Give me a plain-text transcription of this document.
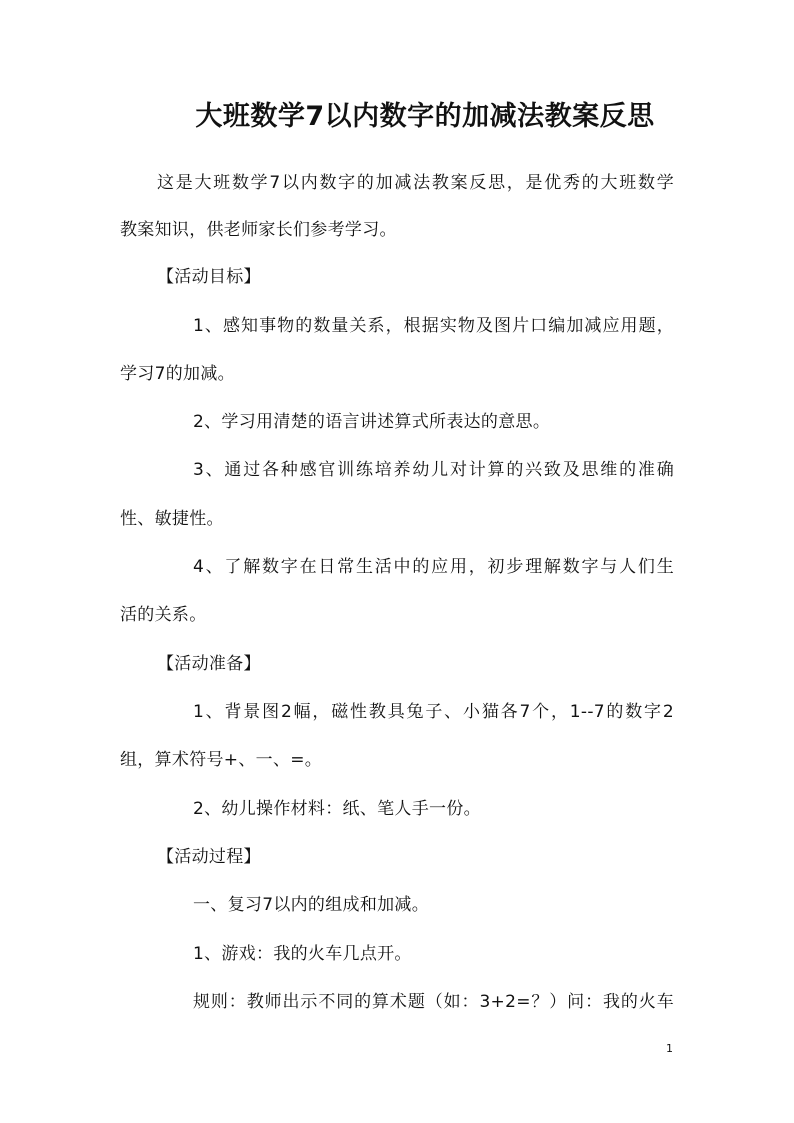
大班数学7以内数字的加减法教案反思
这是大班数学7以内数字的加减法教案反思，是优秀的大班数学
教案知识，供老师家长们参考学习。
【活动目标】
1、感知事物的数量关系，根据实物及图片口编加减应用题，
学习7的加减。
2、学习用清楚的语言讲述算式所表达的意思。
3、通过各种感官训练培养幼儿对计算的兴致及思维的准确
性、敏捷性。
4、了解数字在日常生活中的应用，初步理解数字与人们生
活的关系。
【活动准备】
1、背景图2幅，磁性教具兔子、小猫各7个，1--7的数字2
组，算术符号+、一、=。
2、幼儿操作材料：纸、笔人手一份。
【活动过程】
一、复习7以内的组成和加减。
1、游戏：我的火车几点开。
规则：教师出示不同的算术题（如：3+2=？）问：我的火车
1
